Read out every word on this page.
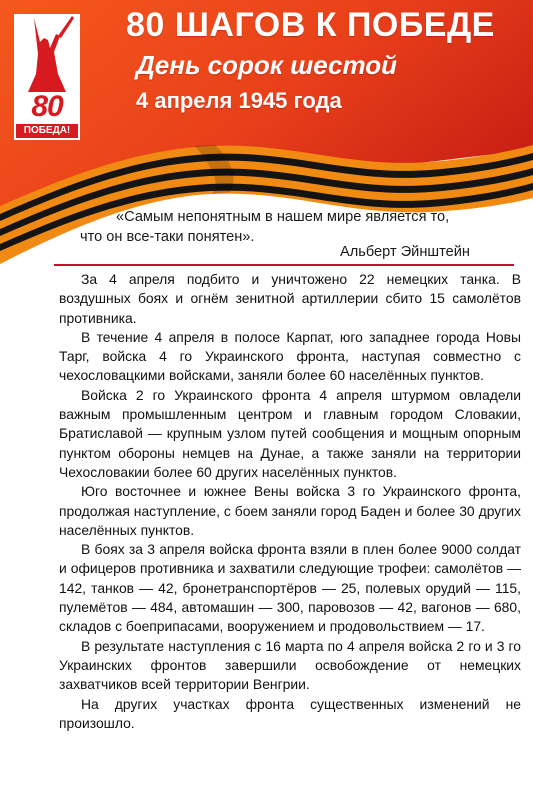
80
ПОБЕДА!
80 ШАГОВ К ПОБЕДЕ
День сорок шестой
4 апреля 1945 года
«Самым непонятным в нашем мире является то,
что он все-таки понятен».
Альберт Эйнштейн

За 4 апреля подбито и уничтожено 22 немецких танка. В воздушных боях и огнём зенитной артиллерии сбито 15 самолётов противника.

В течение 4 апреля в полосе Карпат, юго западнее города Новы Тарг, войска 4 го Украинского фронта, наступая совместно с чехословацкими войсками, заняли более 60 населённых пунктов.

Войска 2 го Украинского фронта 4 апреля штурмом овладели важным промышленным центром и главным городом Словакии, Братиславой — крупным узлом путей сообщения и мощным опорным пунктом обороны немцев на Дунае, а также заняли на территории Чехословакии более 60 других населённых пунктов.

Юго восточнее и южнее Вены войска 3 го Украинского фронта, продолжая наступление, с боем заняли город Баден и более 30 других населённых пунктов.

В боях за 3 апреля войска фронта взяли в плен более 9000 солдат и офицеров противника и захватили следующие трофеи: самолётов — 142, танков — 42, бронетранспортёров — 25, полевых орудий — 115, пулемётов — 484, автомашин — 300, паровозов — 42, вагонов — 680, складов с боеприпасами, вооружением и продовольствием — 17.

В результате наступления с 16 марта по 4 апреля войска 2 го и 3 го Украинских фронтов завершили освобождение от немецких захватчиков всей территории Венгрии.

На других участках фронта существенных изменений не произошло.
